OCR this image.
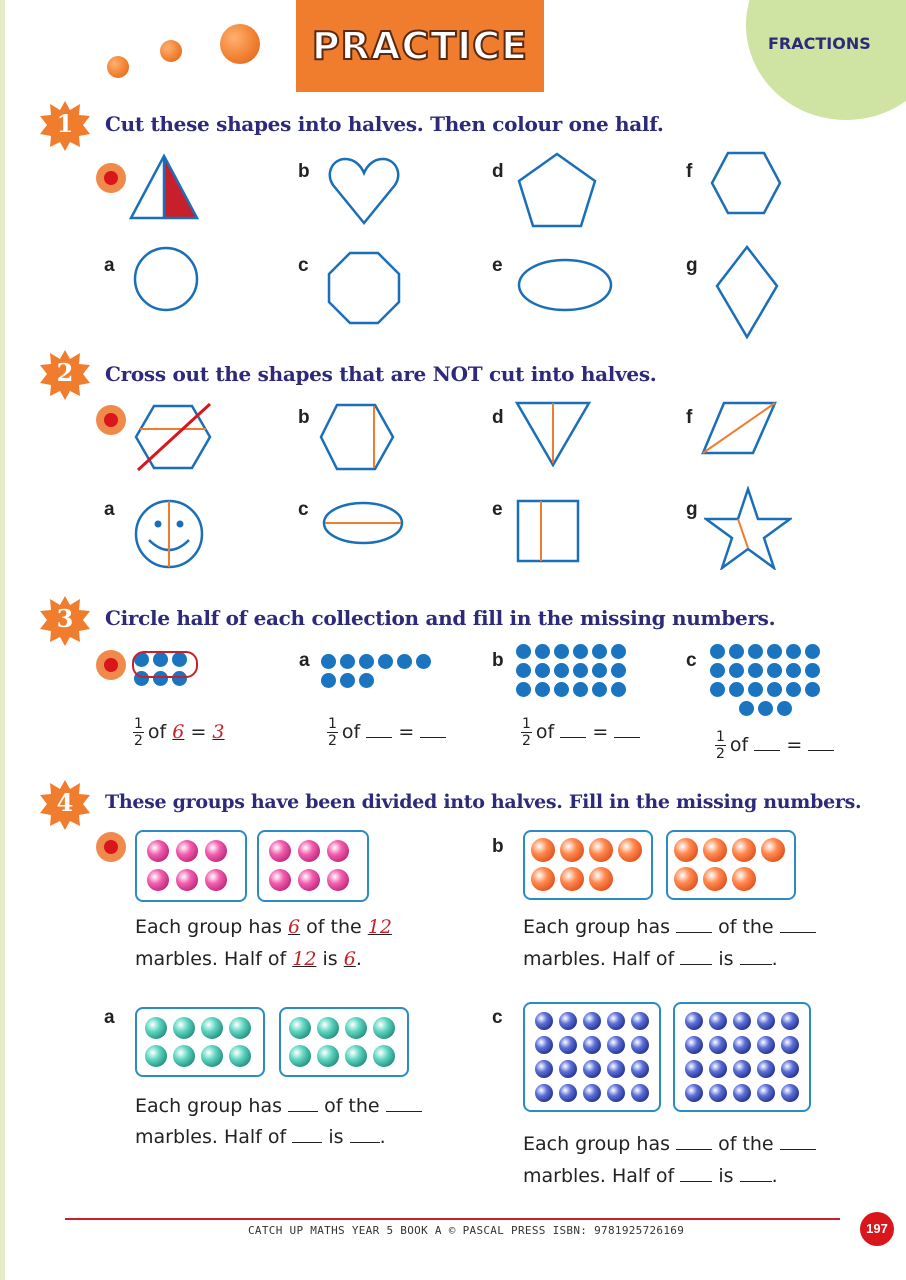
FRACTIONS
PRACTICE
1	Cut these shapes into halves. Then colour one half.
a
b
c
d
e
f
g
2	Cross out the shapes that are NOT cut into halves.
a
b
c
d
e
f
g
3	Circle half of each collection and fill in the missing numbers.
a	b	c
$\frac{1}{2}$ of 6 = 3	$\frac{1}{2}$ of =	$\frac{1}{2}$ of =	$\frac{1}{2}$ of =
4	These groups have been divided into halves. Fill in the missing numbers.
Each group has 6 of the 12
marbles. Half of 12 is 6.
a
Each group has of the
marbles. Half of is .
b
Each group has	of the
marbles. Half of is .
c
Each group has	of the
marbles. Half of is .
CATCH UP MATHS YEAR 5 BOOK A © PASCAL PRESS ISBN: 9781925726169	197
